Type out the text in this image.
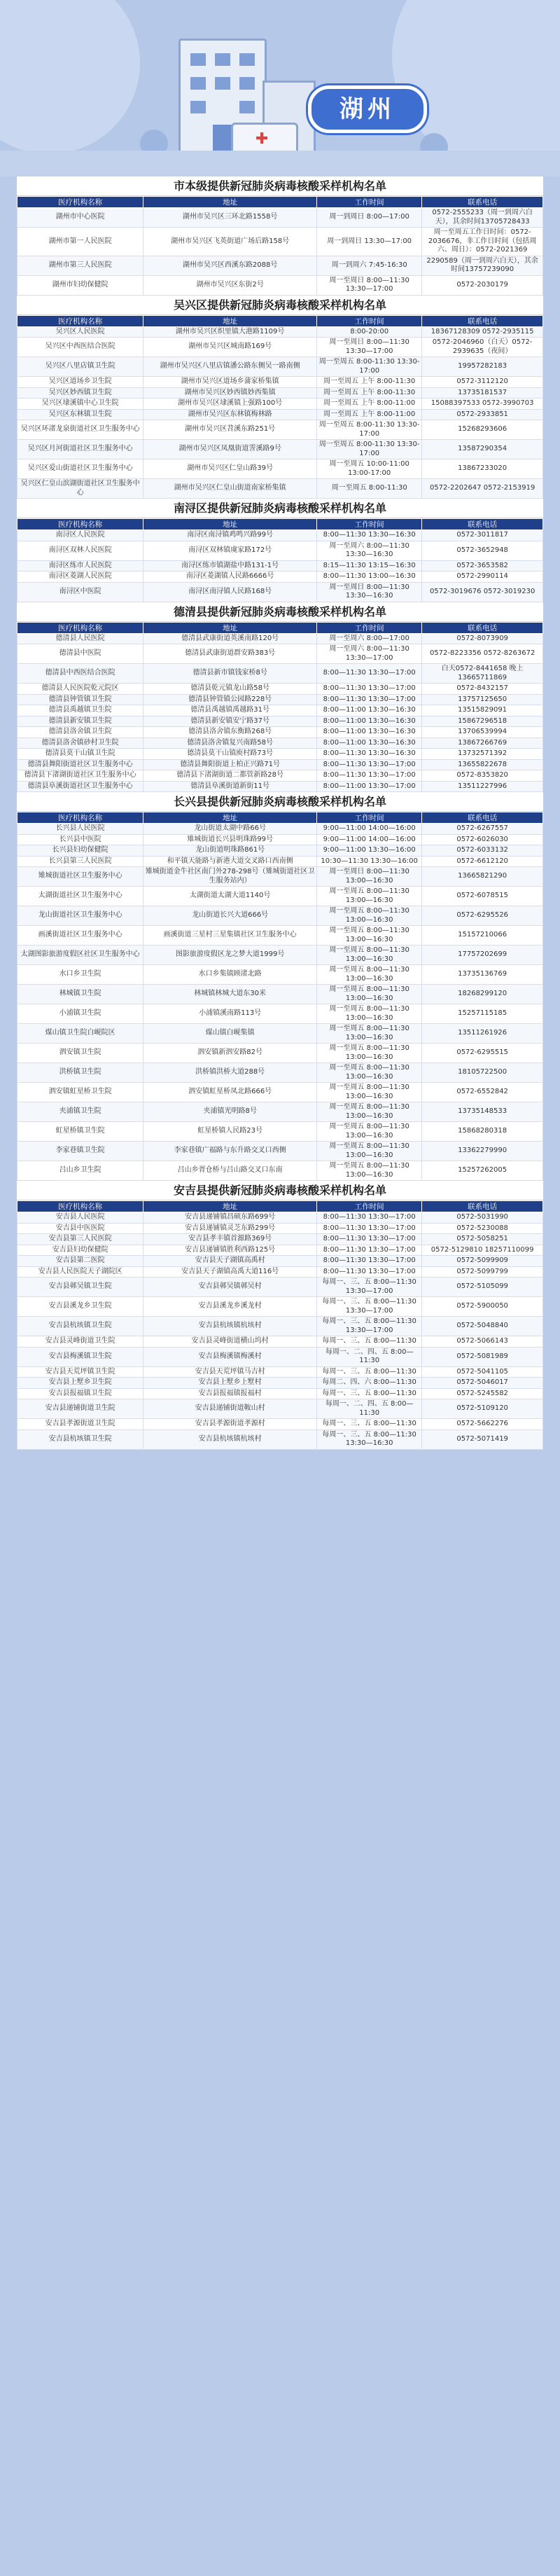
✚
湖州
市本级提供新冠肺炎病毒核酸采样机构名单
医疗机构名称	地址	工作时间	联系电话
湖州市中心医院	湖州市吴兴区三环北路1558号	周一到周日 8:00—17:00	0572-2555233（周一到周六白天），其余时间13705728433
湖州市第一人民医院	湖州市吴兴区飞英街道广场后路158号	周一到周日 13:30—17:00	周一至周五工作日时间：0572-2036676，非工作日时间（包括周六、周日）：0572-2021369
湖州市第三人民医院	湖州市吴兴区西溪东路2088号	周一到周六 7:45-16:30	2290589（周一到周六白天），其余时间13757239090
湖州市妇幼保健院	湖州市吴兴区东街2号	周一至周日 8:00—11:30 13:30—17:00	0572-2030179
吴兴区提供新冠肺炎病毒核酸采样机构名单
医疗机构名称	地址	工作时间	联系电话
吴兴区人民医院	湖州市吴兴区织里镇大港路1109号	8:00-20:00	18367128309 0572-2935115
吴兴区中西医结合医院	湖州市吴兴区城南路169号	周一至周日 8:00—11:30 13:30—17:00	0572-2046960（白天）0572-2939635（夜间）
吴兴区八里店镇卫生院	湖州市吴兴区八里店镇潘公路东侧吴一路南侧	周一至周五 8:00-11:30 13:30-17:00	19957282183
吴兴区道场乡卫生院	湖州市吴兴区道场乡蒲家桥集镇	周一至周五 上午 8:00-11:30	0572-3112120
吴兴区妙西镇卫生院	湖州市吴兴区妙西镇妙西集镇	周一至周五 上午 8:00-11:30	13735181537
吴兴区埭溪镇中心卫生院	湖州市吴兴区埭溪镇上强路100号	周一至周五 上午 8:00-11:00	15088397533 0572-3990703
吴兴区东林镇卫生院	湖州市吴兴区东林镇梅林路	周一至周五 上午 8:00-11:00	0572-2933851
吴兴区环渚龙泉街道社区卫生服务中心	湖州市吴兴区苕溪东路251号	周一至周五 8:00-11:30 13:30-17:00	15268293606
吴兴区月河街道社区卫生服务中心	湖州市吴兴区凤凰街道霅溪路9号	周一至周五 8:00-11:30 13:30-17:00	13587290354
吴兴区爱山街道社区卫生服务中心	湖州市吴兴区仁皇山路39号	周一至周五 10:00-11:00 13:00-17:00	13867233020
吴兴区仁皇山滨湖街道社区卫生服务中心	湖州市吴兴区仁皇山街道南家桥集镇	周一至周五 8:00-11:30	0572-2202647 0572-2153919
南浔区提供新冠肺炎病毒核酸采样机构名单
医疗机构名称	地址	工作时间	联系电话
南浔区人民医院	南浔区南浔镇鸡鸣兴路99号	8:00—11:30 13:30—16:30	0572-3011817
南浔区双林人民医院	南浔区双林镇虞家路172号	周一至周六 8:00—11:30 13:30—16:30	0572-3652948
南浔区练市人民医院	南浔区练市镇湖盐中路131-1号	8:15—11:30 13:15—16:30	0572-3653582
南浔区菱湖人民医院	南浔区菱湖镇人民路6666号	8:00—11:30 13:00—16:30	0572-2990114
南浔区中医院	南浔区南浔镇人民路168号	周一至周日 8:00—11:30 13:30—16:30	0572-3019676 0572-3019230
德清县提供新冠肺炎病毒核酸采样机构名单
医疗机构名称	地址	工作时间	联系电话
德清县人民医院	德清县武康街道英溪南路120号	周一至周六 8:00—17:00	0572-8073909
德清县中医院	德清县武康街道群安路383号	周一至周六 8:00—11:30 13:30—17:00	0572-8223356 0572-8263672
德清县中西医结合医院	德清县新市镇钱家桥8号	8:00—11:30 13:30—17:00	白天0572-8441658 晚上13665711869
德清县人民医院乾元院区	德清县乾元镇龙山路58号	8:00—11:30 13:30—17:00	0572-8432157
德清县钟管镇卫生院	德清县钟管镇公园路228号	8:00—11:30 13:30—17:00	13757125650
德清县禹越镇卫生院	德清县禹越镇禹越路31号	8:00—11:00 13:30—16:30	13515829091
德清县新安镇卫生院	德清县新安镇安宁路37号	8:00—11:00 13:30—16:30	15867296518
德清县洛舍镇卫生院	德清县洛舍镇东衡路268号	8:00—11:00 13:30—16:30	13706539994
德清县洛舍镇砂村卫生院	德清县洛舍镇复兴南路58号	8:00—11:00 13:30—16:30	13867266769
德清县莫干山镇卫生院	德清县莫干山镇庾村路73号	8:00—11:30 13:30—16:30	13732571392
德清县舞阳街道社区卫生服务中心	德清县舞阳街道上柏正兴路71号	8:00—11:30 13:30—17:00	13655822678
德清县下渚湖街道社区卫生服务中心	德清县下渚湖街道二都管新路28号	8:00—11:30 13:30—17:00	0572-8353820
德清县阜溪街道社区卫生服务中心	德清县阜溪街道新街11号	8:00—11:00 13:30—17:00	13511227996
长兴县提供新冠肺炎病毒核酸采样机构名单
医疗机构名称	地址	工作时间	联系电话
长兴县人民医院	龙山街道太湖中路66号	9:00—11:00 14:00—16:00	0572-6267557
长兴县中医院	雉城街道长兴县明珠路99号	9:00—11:00 14:00—16:00	0572-6026030
长兴县妇幼保健院	龙山街道明珠路861号	9:00—11:00 13:30—16:00	0572-6033132
长兴县第三人民医院	和平镇天能路与新港大道交叉路口西南侧	10:30—11:30 13:30—16:00	0572-6612120
雉城街道社区卫生服务中心	雉城街道金牛社区南门外278-298号（雉城街道社区卫生服务站内）	周一至周日 8:00—11:30 13:00—16:30	13665821290
太湖街道社区卫生服务中心	太湖街道太湖大道1140号	周一至周五 8:00—11:30 13:00—16:30	0572-6078515
龙山街道社区卫生服务中心	龙山街道长兴大道666号	周一至周五 8:00—11:30 13:00—16:30	0572-6295526
画溪街道社区卫生服务中心	画溪街道三星村三星集镇社区卫生服务中心	周一至周五 8:00—11:30 13:00—16:30	15157210066
太湖图影旅游度假区社区卫生服务中心	图影旅游度假区龙之梦大道1999号	周一至周五 8:00—11:30 13:00—16:30	17757202699
水口乡卫生院	水口乡集镇顾渚北路	周一至周五 8:00—11:30 13:00—16:30	13735136769
林城镇卫生院	林城镇林城大道东30米	周一至周五 8:00—11:30 13:00—16:30	18268299120
小浦镇卫生院	小浦镇溪南路113号	周一至周五 8:00—11:30 13:00—16:30	15257115185
煤山镇卫生院白岘院区	煤山镇白岘集镇	周一至周五 8:00—11:30 13:00—16:30	13511261926
泗安镇卫生院	泗安镇新泗安路82号	周一至周五 8:00—11:30 13:00—16:30	0572-6295515
洪桥镇卫生院	洪桥镇洪桥大道288号	周一至周五 8:00—11:30 13:00—16:30	18105722500
泗安镇虹星桥卫生院	泗安镇虹星桥凤北路666号	周一至周五 8:00—11:30 13:00—16:30	0572-6552842
夹浦镇卫生院	夹浦镇光明路8号	周一至周五 8:00—11:30 13:00—16:30	13735148533
虹星桥镇卫生院	虹星桥镇人民路23号	周一至周五 8:00—11:30 13:00—16:30	15868280318
李家巷镇卫生院	李家巷镇广福路与东升路交叉口西侧	周一至周五 8:00—11:30 13:00—16:30	13362279990
吕山乡卫生院	吕山乡胥仓桥与吕山路交叉口东南	周一至周五 8:00—11:30 13:00—16:30	15257262005
安吉县提供新冠肺炎病毒核酸采样机构名单
医疗机构名称	地址	工作时间	联系电话
安吉县人民医院	安吉县递铺镇昌硕东路699号	8:00—11:30 13:30—17:00	0572-5031990
安吉县中医医院	安吉县递铺镇灵芝东路299号	8:00—11:30 13:30—17:00	0572-5230088
安吉县第三人民医院	安吉县孝丰镇首源路369号	8:00—11:30 13:30—17:00	0572-5058251
安吉县妇幼保健院	安吉县递铺镇胜利西路125号	8:00—11:30 13:30—17:00	0572-5129810 18257110099
安吉县第二医院	安吉县天子湖镇高禹村	8:00—11:30 13:30—17:00	0572-5099909
安吉县人民医院天子湖院区	安吉县天子湖镇高禹大道116号	8:00—11:30 13:30—17:00	0572-5099799
安吉县鄣吴镇卫生院	安吉县鄣吴镇鄣吴村	每周一、三、五 8:00—11:30 13:30—17:00	0572-5105099
安吉县溪龙乡卫生院	安吉县溪龙乡溪龙村	每周一、三、五 8:00—11:30 13:30—17:00	0572-5900050
安吉县杭垓镇卫生院	安吉县杭垓镇杭垓村	每周一、三、五 8:00—11:30 13:30—17:00	0572-5048840
安吉县灵峰街道卫生院	安吉县灵峰街道横山坞村	每周一、三、五 8:00—11:30	0572-5066143
安吉县梅溪镇卫生院	安吉县梅溪镇梅溪村	每周一、二、四、五 8:00—11:30	0572-5081989
安吉县天荒坪镇卫生院	安吉县天荒坪镇马吉村	每周一、三、五 8:00—11:30	0572-5041105
安吉县上墅乡卫生院	安吉县上墅乡上墅村	每周二、四、六 8:00—11:30	0572-5046017
安吉县报福镇卫生院	安吉县报福镇报福村	每周一、三、五 8:00—11:30	0572-5245582
安吉县递铺街道卫生院	安吉县递铺街道鞍山村	每周一、二、四、五 8:00—11:30	0572-5109120
安吉县孝源街道卫生院	安吉县孝源街道孝源村	每周一、三、五 8:00—11:30	0572-5662276
安吉县杭垓镇卫生院	安吉县杭垓镇杭垓村	每周一、三、五 8:00—11:30 13:30—16:30	0572-5071419
